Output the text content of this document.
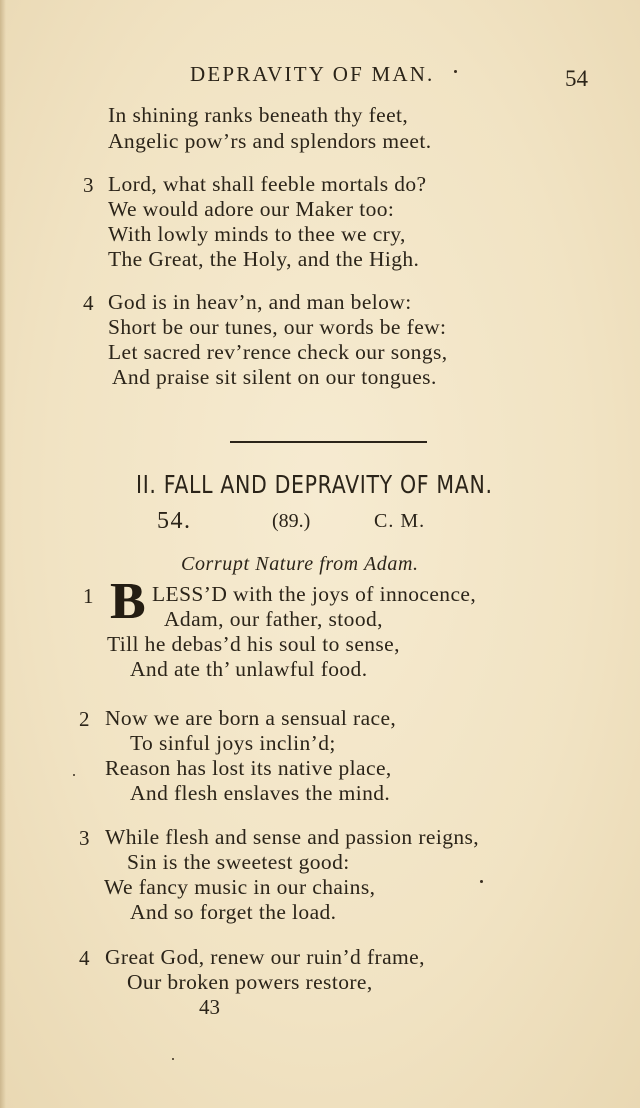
DEPRAVITY OF MAN.	54
In shining ranks beneath thy feet,
Angelic pow’rs and splendors meet.
3 Lord, what shall feeble mortals do?
We would adore our Maker too:
With lowly minds to thee we cry,
The Great, the Holy, and the High.
4 God is in heav’n, and man below:
Short be our tunes, our words be few:
Let sacred rev’rence check our songs,
And praise sit silent on our tongues.
II. FALL AND DEPRAVITY OF MAN.
54.	(89.)	C. M.
Corrupt Nature from Adam.
1 B LESS’D with the joys of innocence,
Adam, our father, stood,
Till he debas’d his soul to sense,
And ate th’ unlawful food.
2 Now we are born a sensual race,
To sinful joys inclin’d;
Reason has lost its native place,
And flesh enslaves the mind.
3 While flesh and sense and passion reigns,
Sin is the sweetest good:
We fancy music in our chains,
And so forget the load.
4 Great God, renew our ruin’d frame,
Our broken powers restore,
43
